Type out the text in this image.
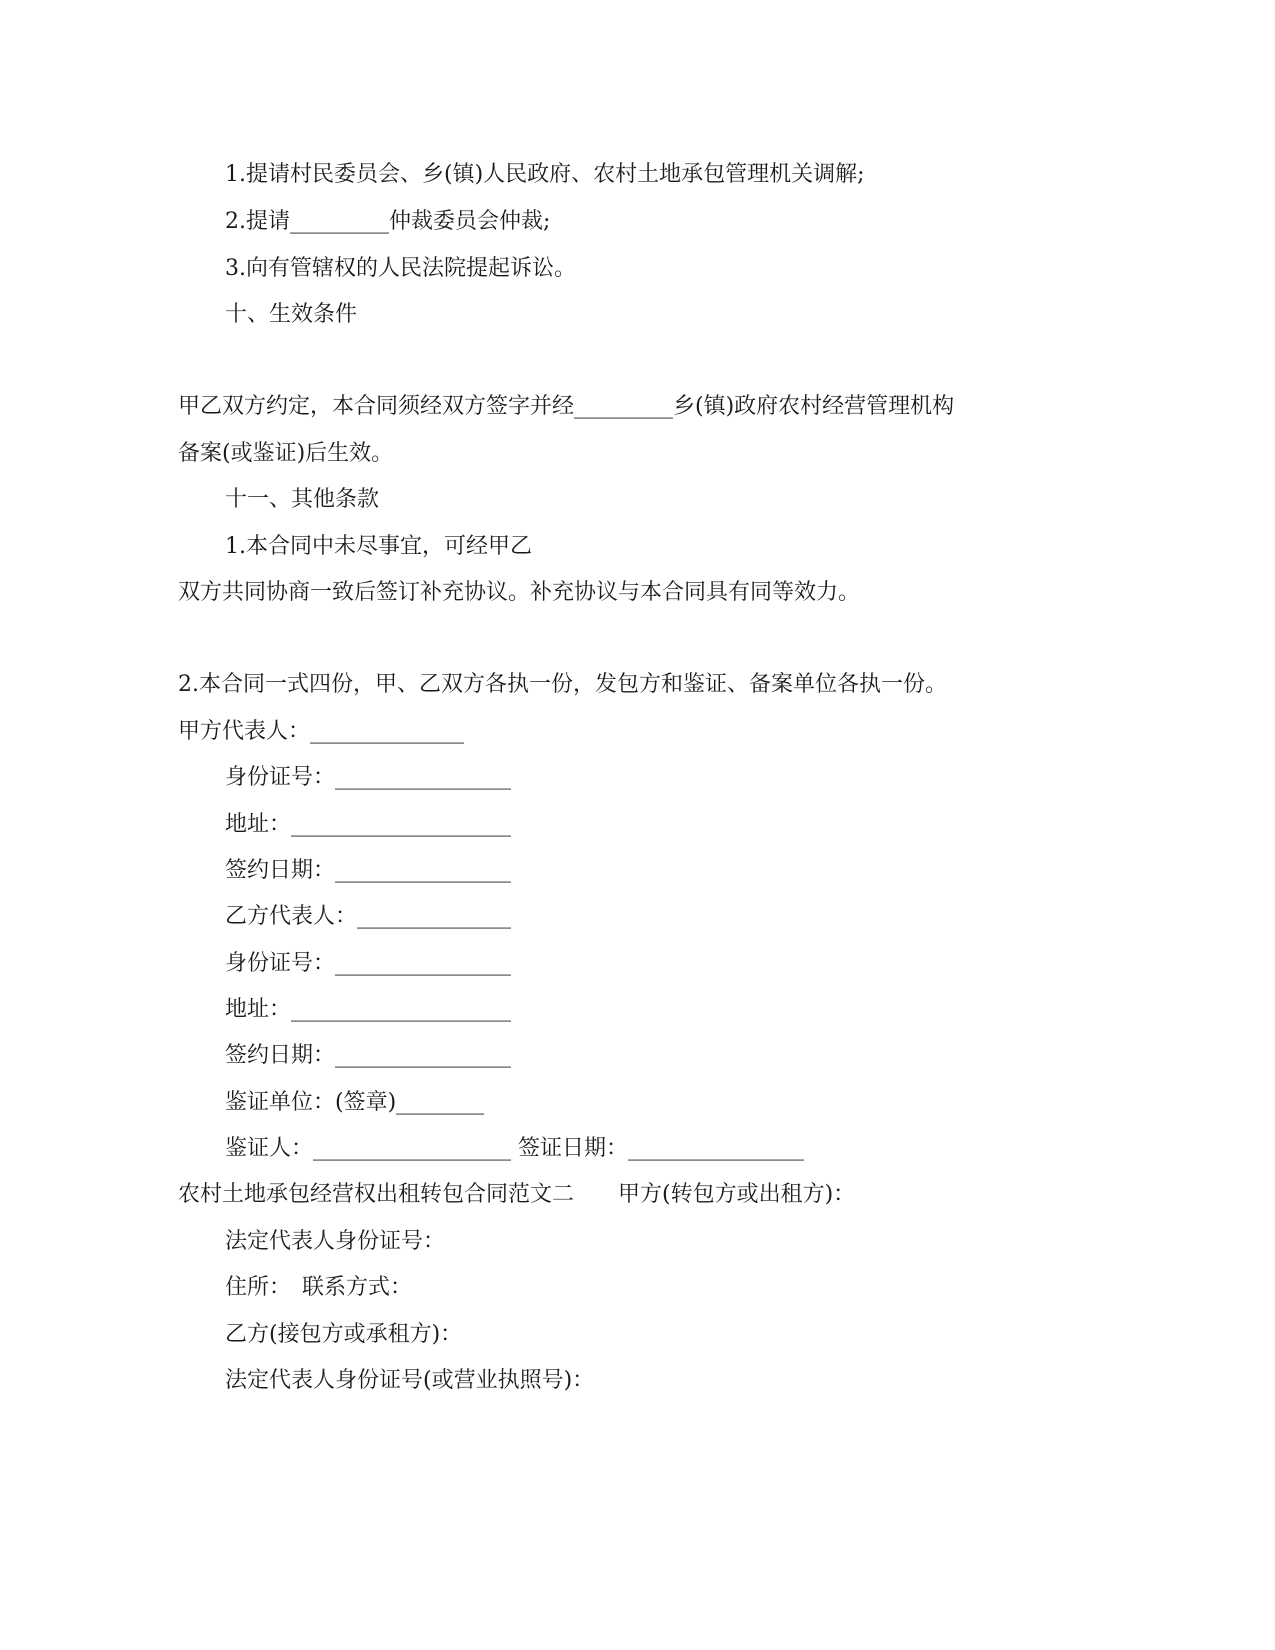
1.提请村民委员会、乡(镇)人民政府、农村土地承包管理机关调解;
2.提请_________仲裁委员会仲裁;
3.向有管辖权的人民法院提起诉讼。
十、生效条件
甲乙双方约定，本合同须经双方签字并经_________乡(镇)政府农村经营管理机构
备案(或鉴证)后生效。
十一、其他条款
1.本合同中未尽事宜，可经甲乙
双方共同协商一致后签订补充协议。补充协议与本合同具有同等效力。
2.本合同一式四份，甲、乙双方各执一份，发包方和鉴证、备案单位各执一份。
甲方代表人：______________
身份证号：________________
地址：____________________
签约日期：________________
乙方代表人：______________
身份证号：________________
地址：____________________
签约日期：________________
鉴证单位：(签章)________
鉴证人：__________________ 签证日期：________________
农村土地承包经营权出租转包合同范文二　　甲方(转包方或出租方)：
法定代表人身份证号：
住所：　联系方式：
乙方(接包方或承租方)：
法定代表人身份证号(或营业执照号)：
